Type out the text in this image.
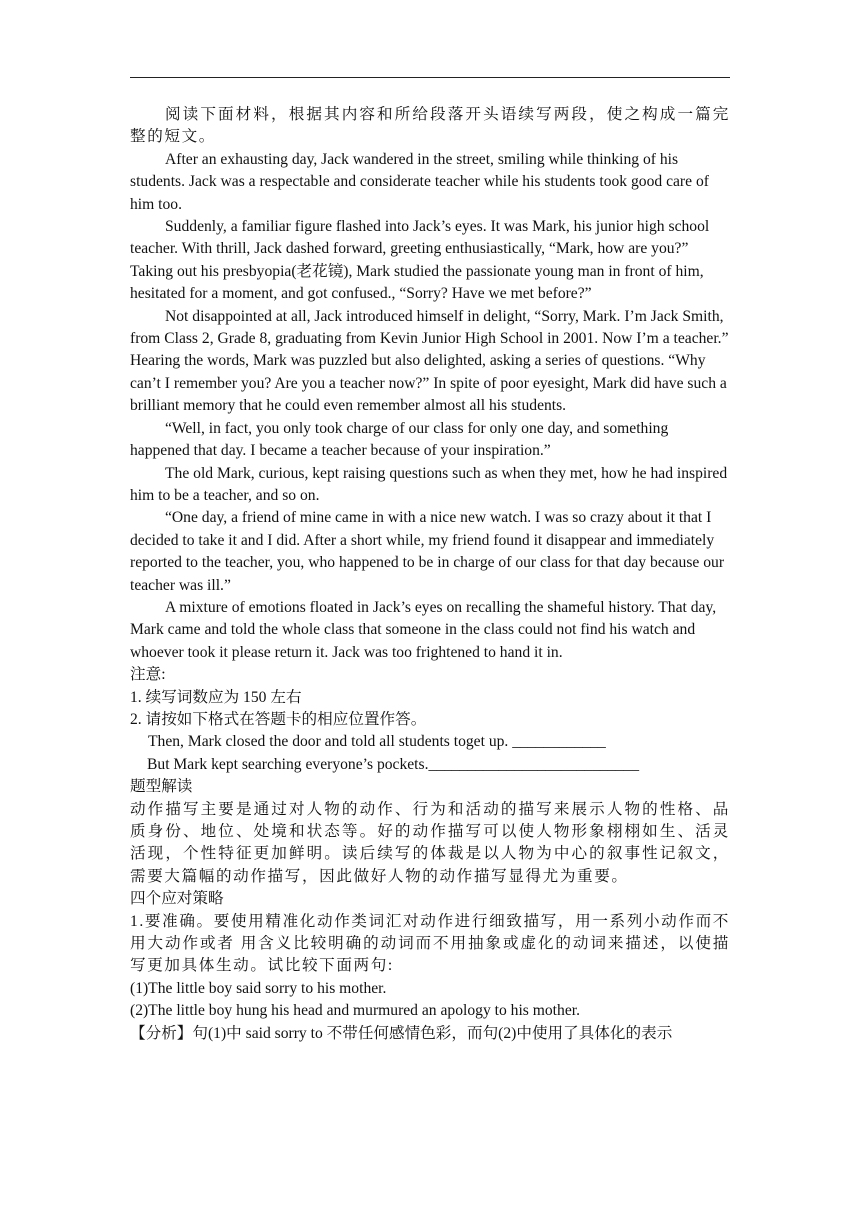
阅读下面材料，根据其内容和所给段落开头语续写两段，使之构成一篇完整的短文。

After an exhausting day, Jack wandered in the street, smiling while thinking of his students. Jack was a respectable and considerate teacher while his students took good care of him too.

Suddenly, a familiar figure flashed into Jack’s eyes. It was Mark, his junior high school teacher. With thrill, Jack dashed forward, greeting enthusiastically, “Mark, how are you?” Taking out his presbyopia(老花镜), Mark studied the passionate young man in front of him, hesitated for a moment, and got confused., “Sorry? Have we met before?”

Not disappointed at all, Jack introduced himself in delight, “Sorry, Mark. I’m Jack Smith, from Class 2, Grade 8, graduating from Kevin Junior High School in 2001. Now I’m a teacher.” Hearing the words, Mark was puzzled but also delighted, asking a series of questions. “Why can’t I remember you? Are you a teacher now?” In spite of poor eyesight, Mark did have such a brilliant memory that he could even remember almost all his students.

“Well, in fact, you only took charge of our class for only one day, and something happened that day. I became a teacher because of your inspiration.”

The old Mark, curious, kept raising questions such as when they met, how he had inspired him to be a teacher, and so on.

“One day, a friend of mine came in with a nice new watch. I was so crazy about it that I decided to take it and I did. After a short while, my friend found it disappear and immediately reported to the teacher, you, who happened to be in charge of our class for that day because our teacher was ill.”

A mixture of emotions floated in Jack’s eyes on recalling the shameful history. That day, Mark came and told the whole class that someone in the class could not find his watch and whoever took it please return it. Jack was too frightened to hand it in.

注意:

1. 续写词数应为 150 左右

2. 请按如下格式在答题卡的相应位置作答。

Then, Mark closed the door and told all students toget up. ____________

But Mark kept searching everyone’s pockets.___________________________

题型解读

动作描写主要是通过对人物的动作、行为和活动的描写来展示人物的性格、品质身份、地位、处境和状态等。好的动作描写可以使人物形象栩栩如生、活灵活现，个性特征更加鲜明。读后续写的体裁是以人物为中心的叙事性记叙文，需要大篇幅的动作描写，因此做好人物的动作描写显得尤为重要。

四个应对策略

1.要准确。要使用精准化动作类词汇对动作进行细致描写，用一系列小动作而不用大动作或者 用含义比较明确的动词而不用抽象或虚化的动词来描述，以使描写更加具体生动。试比较下面两句:

(1)The little boy said sorry to his mother.

(2)The little boy hung his head and murmured an apology to his mother.

【分析】句(1)中 said sorry to 不带任何感情色彩，而句(2)中使用了具体化的表示
